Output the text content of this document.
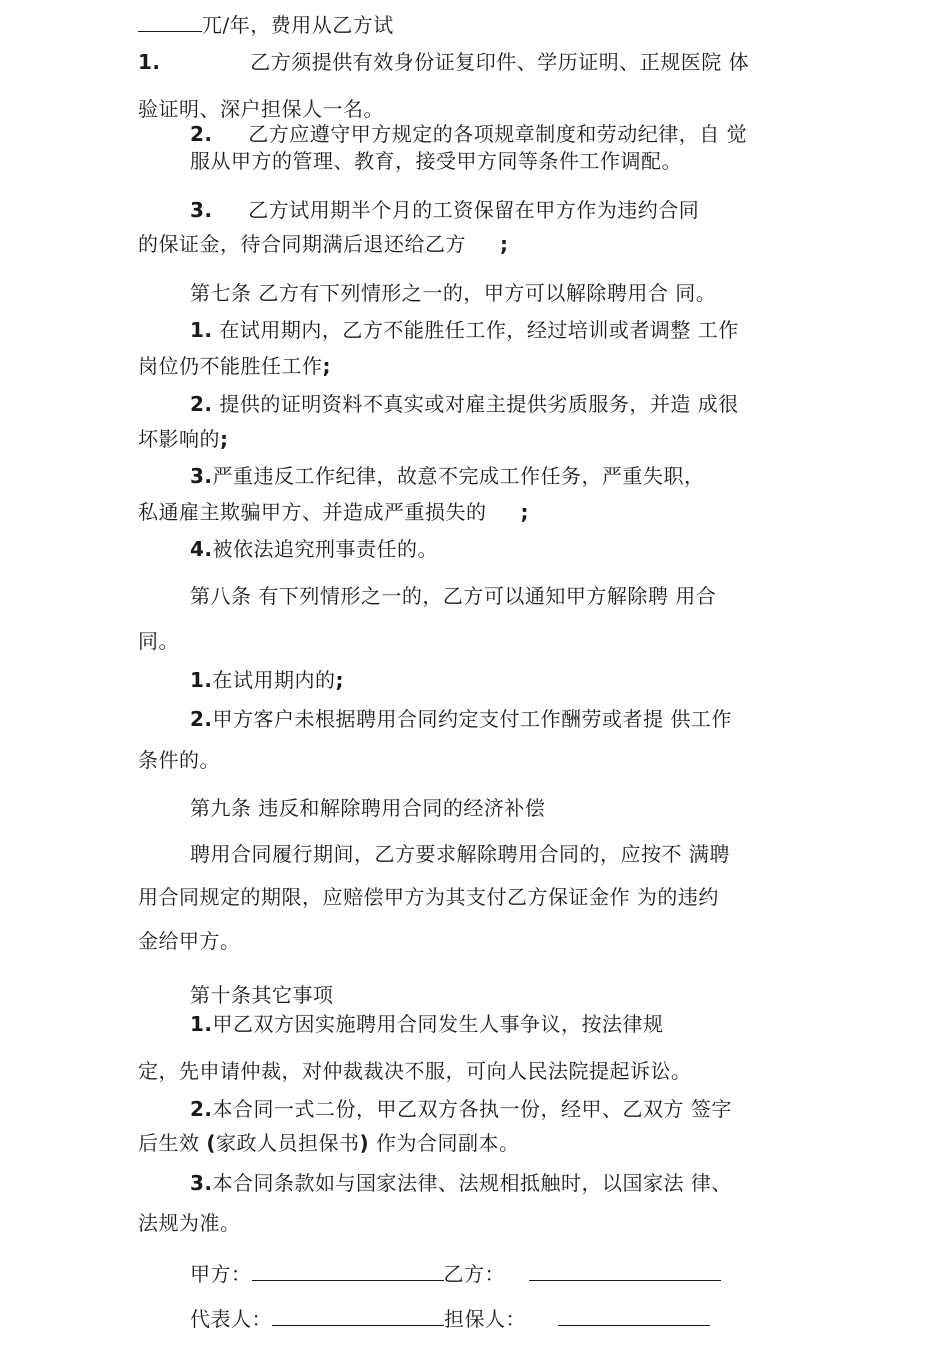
兀/年，费用从乙方试
1.	乙方须提供有效身份证复印件、学历证明、正规医院 体
验证明、深户担保人一名。
2. 乙方应遵守甲方规定的各项规章制度和劳动纪律，自 觉
服从甲方的管理、教育，接受甲方同等条件工作调配。
3. 乙方试用期半个月的工资保留在甲方作为违约合同
的保证金，待合同期满后退还给乙方 ;
第七条 乙方有下列情形之一的，甲方可以解除聘用合 同。
1. 在试用期内，乙方不能胜任工作，经过培训或者调整 工作
岗位仍不能胜任工作;
2. 提供的证明资料不真实或对雇主提供劣质服务，并造 成很
坏影响的;
3.严重违反工作纪律，故意不完成工作任务，严重失职，
私通雇主欺骗甲方、并造成严重损失的 ;
4.被依法追究刑事责任的。
第八条 有下列情形之一的，乙方可以通知甲方解除聘 用合
同。
1.在试用期内的;
2.甲方客户未根据聘用合同约定支付工作酬劳或者提 供工作
条件的。
第九条 违反和解除聘用合同的经济补偿
聘用合同履行期间，乙方要求解除聘用合同的，应按不 满聘
用合同规定的期限，应赔偿甲方为其支付乙方保证金作 为的违约
金给甲方。
第十条其它事项
1.甲乙双方因实施聘用合同发生人事争议，按法律规
定，先申请仲裁，对仲裁裁决不服，可向人民法院提起诉讼。
2.本合同一式二份，甲乙双方各执一份，经甲、乙双方 签字
后生效 (家政人员担保书) 作为合同副本。
3.本合同条款如与国家法律、法规相抵触时，以国家法 律、
法规为准。
甲方：	乙方：
代表人：	担保人：
